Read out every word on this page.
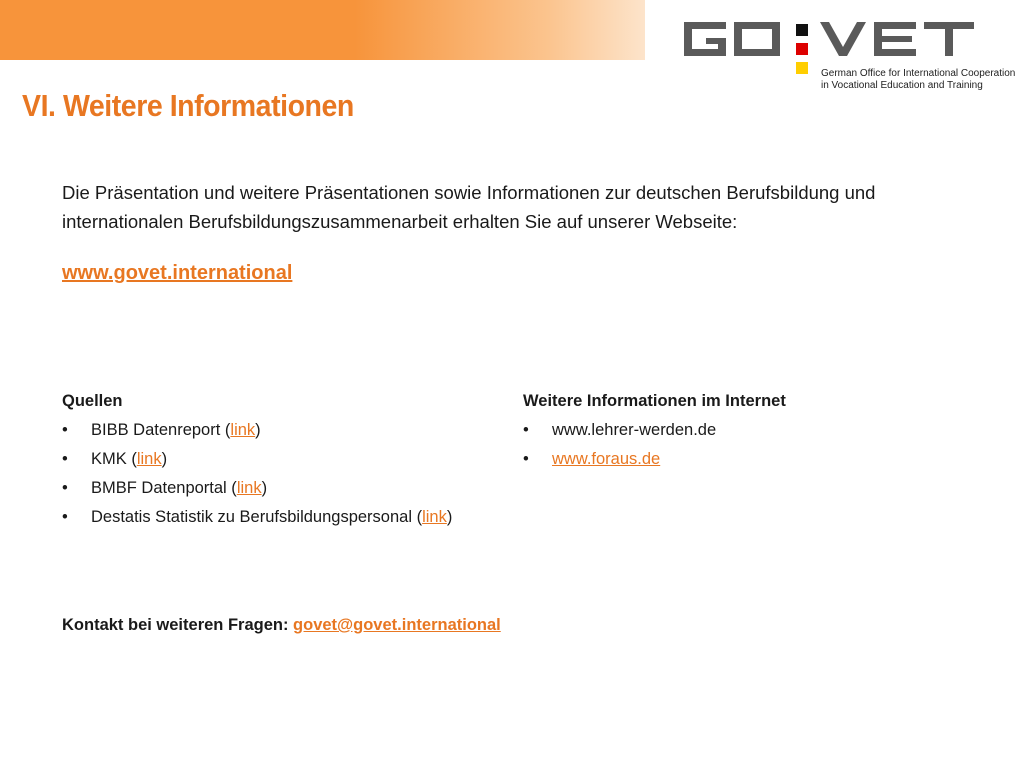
German Office for International Cooperation
in Vocational Education and Training
VI. Weitere Informationen

Die Präsentation und weitere Präsentationen sowie Informationen zur deutschen Berufsbildung und internationalen Berufsbildungszusammenarbeit erhalten Sie auf unserer Webseite:

www.govet.international
Quellen
• BIBB Datenreport (link)
• KMK (link)
• BMBF Datenportal (link)
• Destatis Statistik zu Berufsbildungspersonal (link)
Weitere Informationen im Internet
• www.lehrer-werden.de
• www.foraus.de

Kontakt bei weiteren Fragen: govet@govet.international
